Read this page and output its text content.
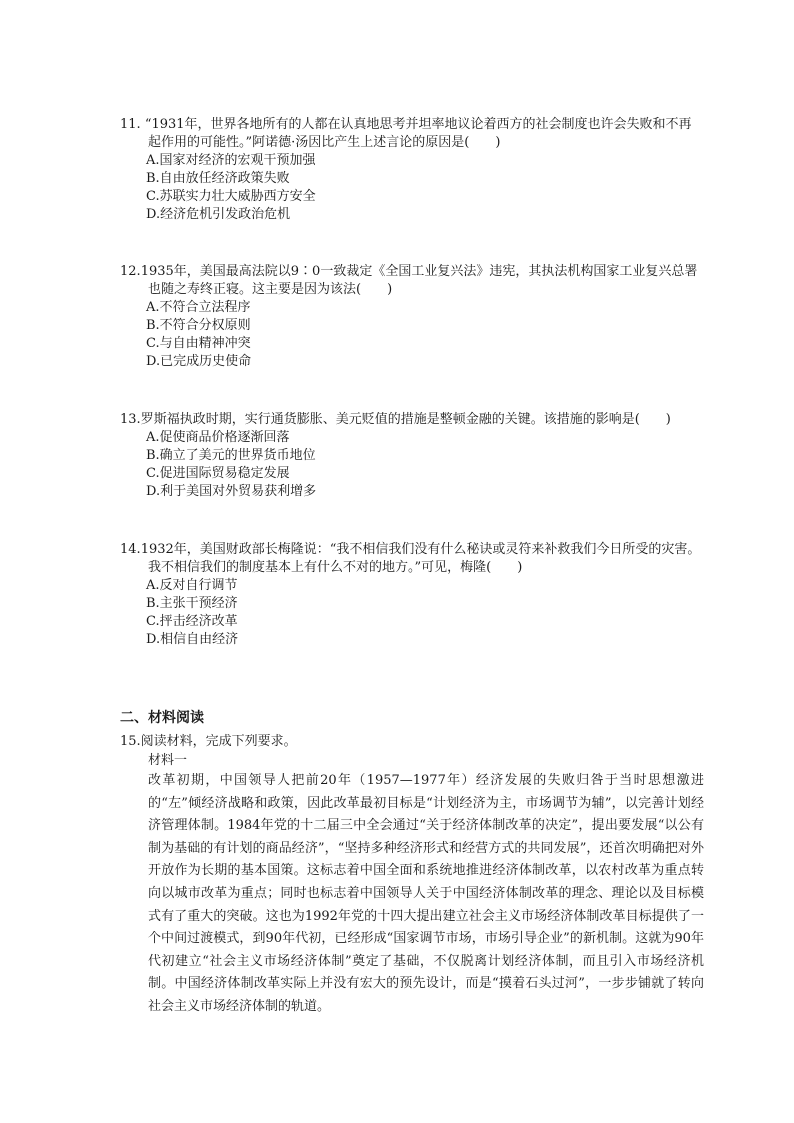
11. “1931年，世界各地所有的人都在认真地思考并坦率地议论着西方的社会制度也许会失败和不再起作用的可能性。”阿诺德·汤因比产生上述言论的原因是(　　)

A.国家对经济的宏观干预加强
B.自由放任经济政策失败
C.苏联实力壮大威胁西方安全
D.经济危机引发政治危机

12.1935年，美国最高法院以9∶0一致裁定《全国工业复兴法》违宪，其执法机构国家工业复兴总署也随之寿终正寝。这主要是因为该法(　　)

A.不符合立法程序
B.不符合分权原则
C.与自由精神冲突
D.已完成历史使命

13.罗斯福执政时期，实行通货膨胀、美元贬值的措施是整顿金融的关键。该措施的影响是(　　)

A.促使商品价格逐渐回落
B.确立了美元的世界货币地位
C.促进国际贸易稳定发展
D.利于美国对外贸易获利增多

14.1932年，美国财政部长梅隆说：“我不相信我们没有什么秘诀或灵符来补救我们今日所受的灾害。我不相信我们的制度基本上有什么不对的地方。”可见，梅隆(　　)

A.反对自行调节
B.主张干预经济
C.抨击经济改革
D.相信自由经济

二、材料阅读

15.阅读材料，完成下列要求。

材料一

改革初期，中国领导人把前20年（1957—1977年）经济发展的失败归咎于当时思想激进的“左”倾经济战略和政策，因此改革最初目标是“计划经济为主，市场调节为辅”，以完善计划经济管理体制。1984年党的十二届三中全会通过“关于经济体制改革的决定”，提出要发展“以公有制为基础的有计划的商品经济”，“坚持多种经济形式和经营方式的共同发展”，还首次明确把对外开放作为长期的基本国策。这标志着中国全面和系统地推进经济体制改革，以农村改革为重点转向以城市改革为重点；同时也标志着中国领导人关于中国经济体制改革的理念、理论以及目标模式有了重大的突破。这也为1992年党的十四大提出建立社会主义市场经济体制改革目标提供了一个中间过渡模式，到90年代初，已经形成“国家调节市场，市场引导企业”的新机制。这就为90年代初建立“社会主义市场经济体制”奠定了基础，不仅脱离计划经济体制，而且引入市场经济机制。中国经济体制改革实际上并没有宏大的预先设计，而是“摸着石头过河”，一步步铺就了转向社会主义市场经济体制的轨道。
